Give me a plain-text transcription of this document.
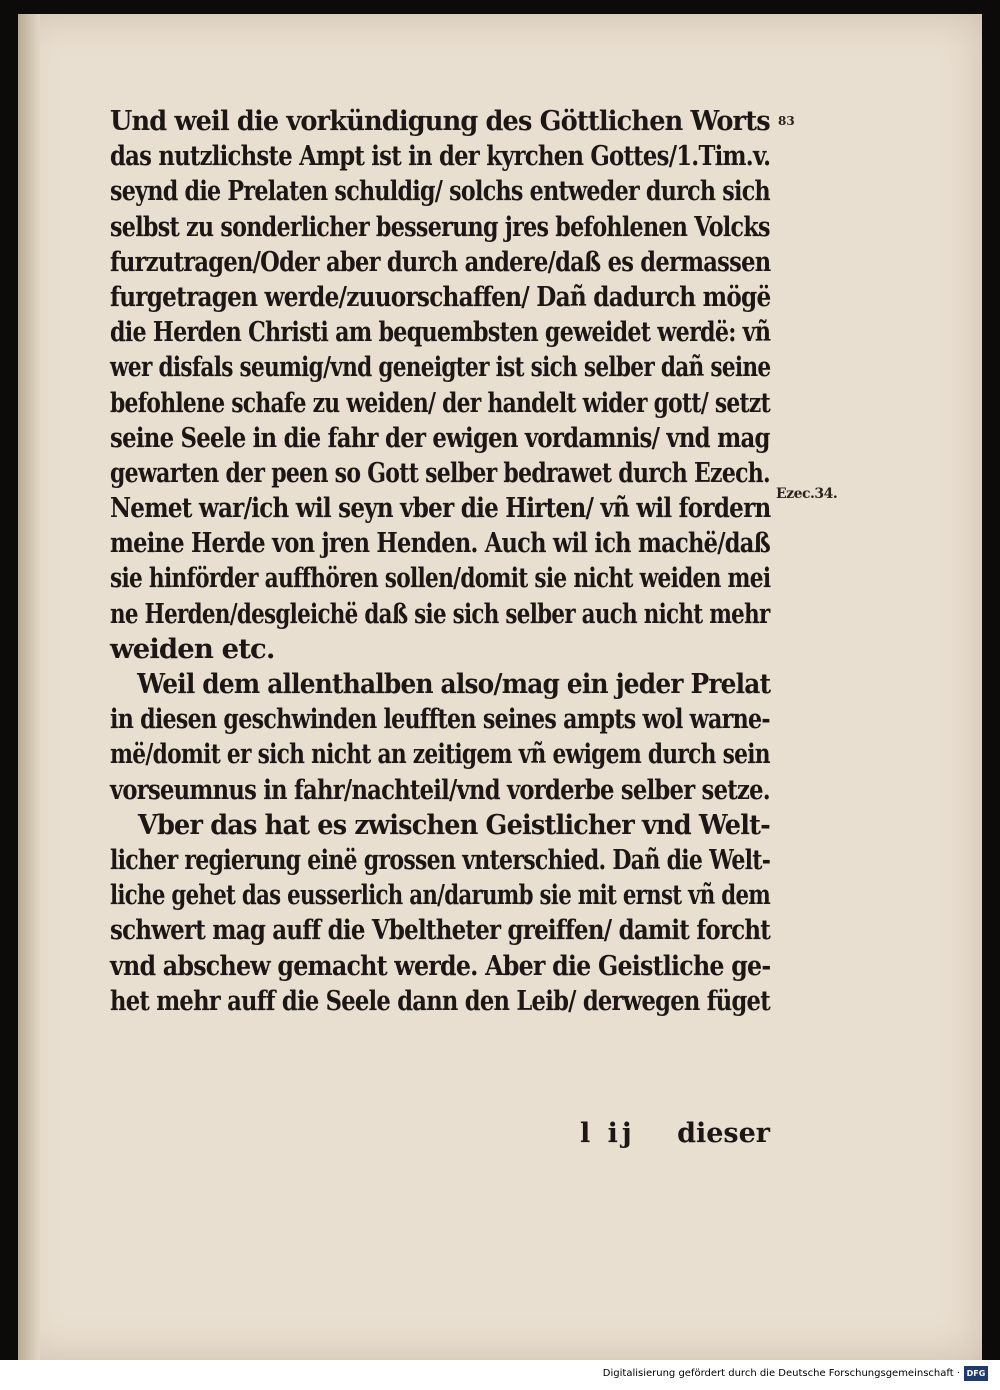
83
Ezec.34.
Und weil die vorkündigung des Göttlichen Worts
das nutzlichste Ampt ist in der kyrchen Gottes/1.Tim.v.
seynd die Prelaten schuldig/ solchs entweder durch sich
selbst zu sonderlicher besserung jres befohlenen Volcks
furzutragen/Oder aber durch andere/daß es dermassen
furgetragen werde/zuuorschaffen/ Dañ dadurch mögë
die Herden Christi am bequembsten geweidet werdë: vñ
wer disfals seumig/vnd geneigter ist sich selber dañ seine
befohlene schafe zu weiden/ der handelt wider gott/ setzt
seine Seele in die fahr der ewigen vordamnis/ vnd mag
gewarten der peen so Gott selber bedrawet durch Ezech.
Nemet war/ich wil seyn vber die Hirten/ vñ wil fordern
meine Herde von jren Henden. Auch wil ich machë/daß
sie hinförder auffhören sollen/domit sie nicht weiden mei
ne Herden/desgleichë daß sie sich selber auch nicht mehr
weiden etc.
Weil dem allenthalben also/mag ein jeder Prelat
in diesen geschwinden leufften seines ampts wol warne-
më/domit er sich nicht an zeitigem vñ ewigem durch sein
vorseumnus in fahr/nachteil/vnd vorderbe selber setze.
Vber das hat es zwischen Geistlicher vnd Welt-
licher regierung einë grossen vnterschied. Dañ die Welt-
liche gehet das eusserlich an/darumb sie mit ernst vñ dem
schwert mag auff die Vbeltheter greiffen/ damit forcht
vnd abschew gemacht werde. Aber die Geistliche ge-
het mehr auff die Seele dann den Leib/ derwegen füget
l ij dieser
Digitalisierung gefördert durch die Deutsche Forschungsgemeinschaft · DFG
